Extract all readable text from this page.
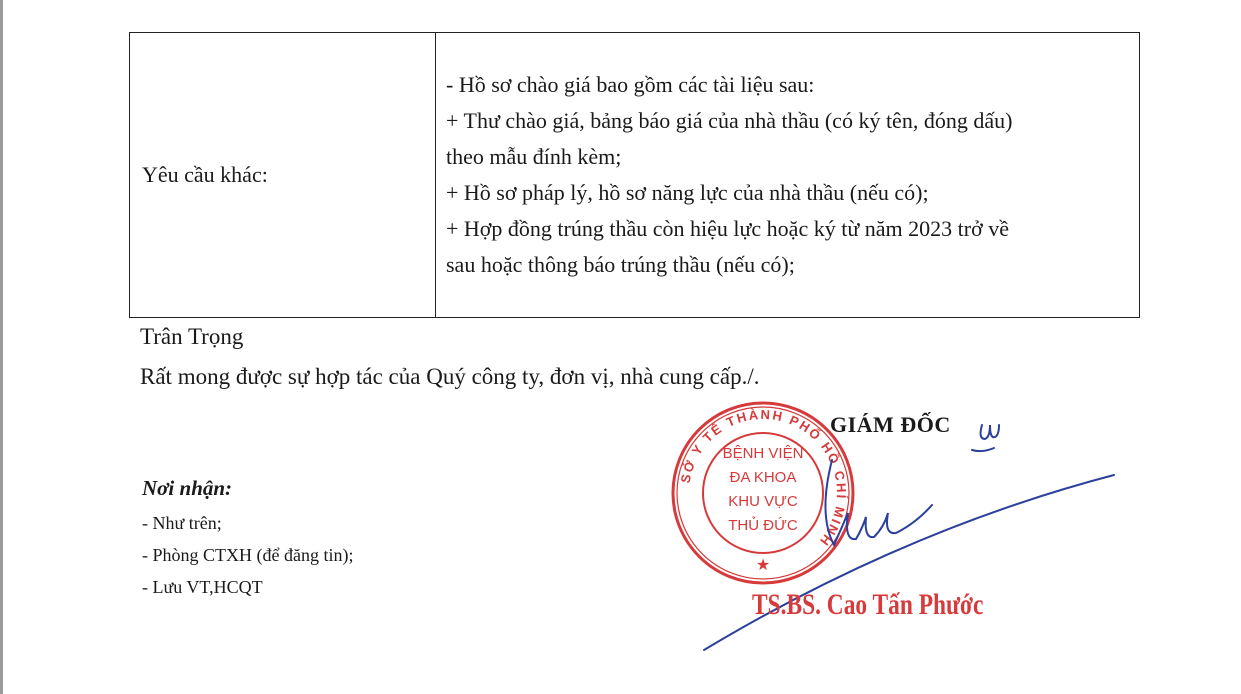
Yêu cầu khác:	
- Hồ sơ chào giá bao gồm các tài liệu sau:
+ Thư chào giá, bảng báo giá của nhà thầu (có ký tên, đóng dấu)
theo mẫu đính kèm;
+ Hồ sơ pháp lý, hồ sơ năng lực của nhà thầu (nếu có);
+ Hợp đồng trúng thầu còn hiệu lực hoặc ký từ năm 2023 trở về
sau hoặc thông báo trúng thầu (nếu có);
Trân Trọng
Rất mong được sự hợp tác của Quý công ty, đơn vị, nhà cung cấp./.
Nơi nhận:
- Như trên;
- Phòng CTXH (để đăng tin);
- Lưu VT,HCQT
SỞ Y TẾ THÀNH PHỐ HỒ CHÍ MINH
BỆNH VIỆN
ĐA KHOA
KHU VỰC
THỦ ĐỨC
★
GIÁM ĐỐC
TS.BS. Cao Tấn Phước
